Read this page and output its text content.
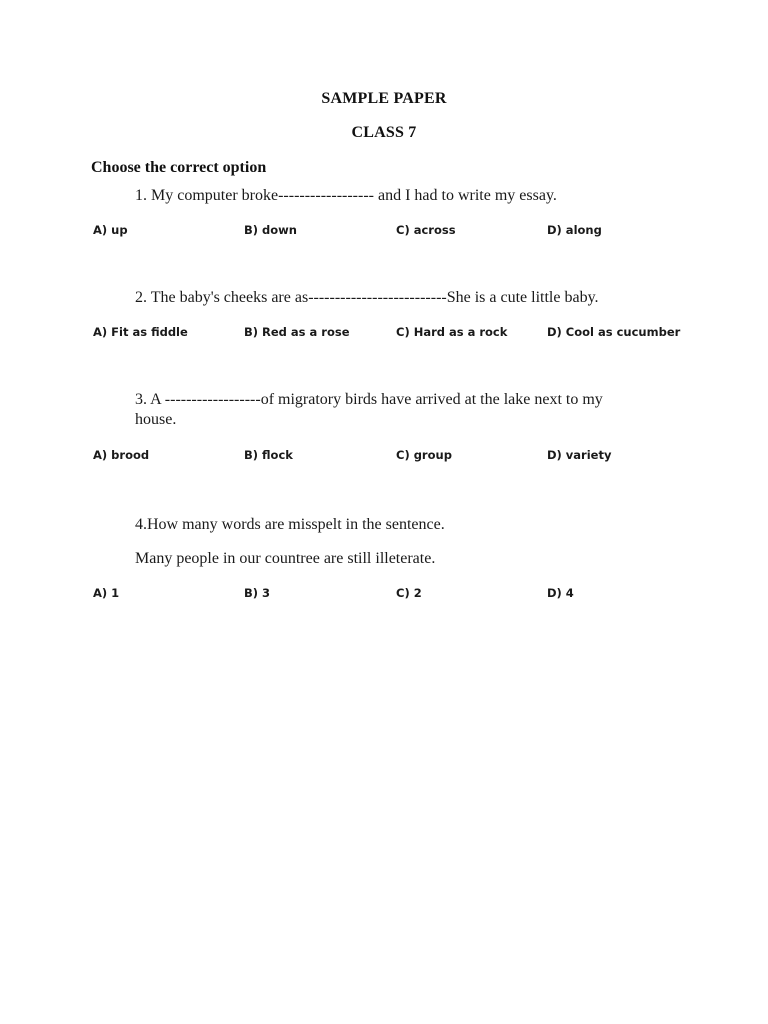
SAMPLE PAPER
CLASS 7
Choose the correct option
1. My computer broke------------------ and I had to write my essay.
A) up	B) down	C) across	D) along
2. The baby's cheeks are as--------------------------She is a cute little baby.
A) Fit as fiddle	B) Red as a rose	C) Hard as a rock	D) Cool as cucumber
3. A ------------------of migratory birds have arrived at the lake next to my
house.
A) brood	B) flock	C) group	D) variety
4.How many words are misspelt in the sentence.
Many people in our countree are still illeterate.
A) 1	B) 3	C) 2	D) 4
